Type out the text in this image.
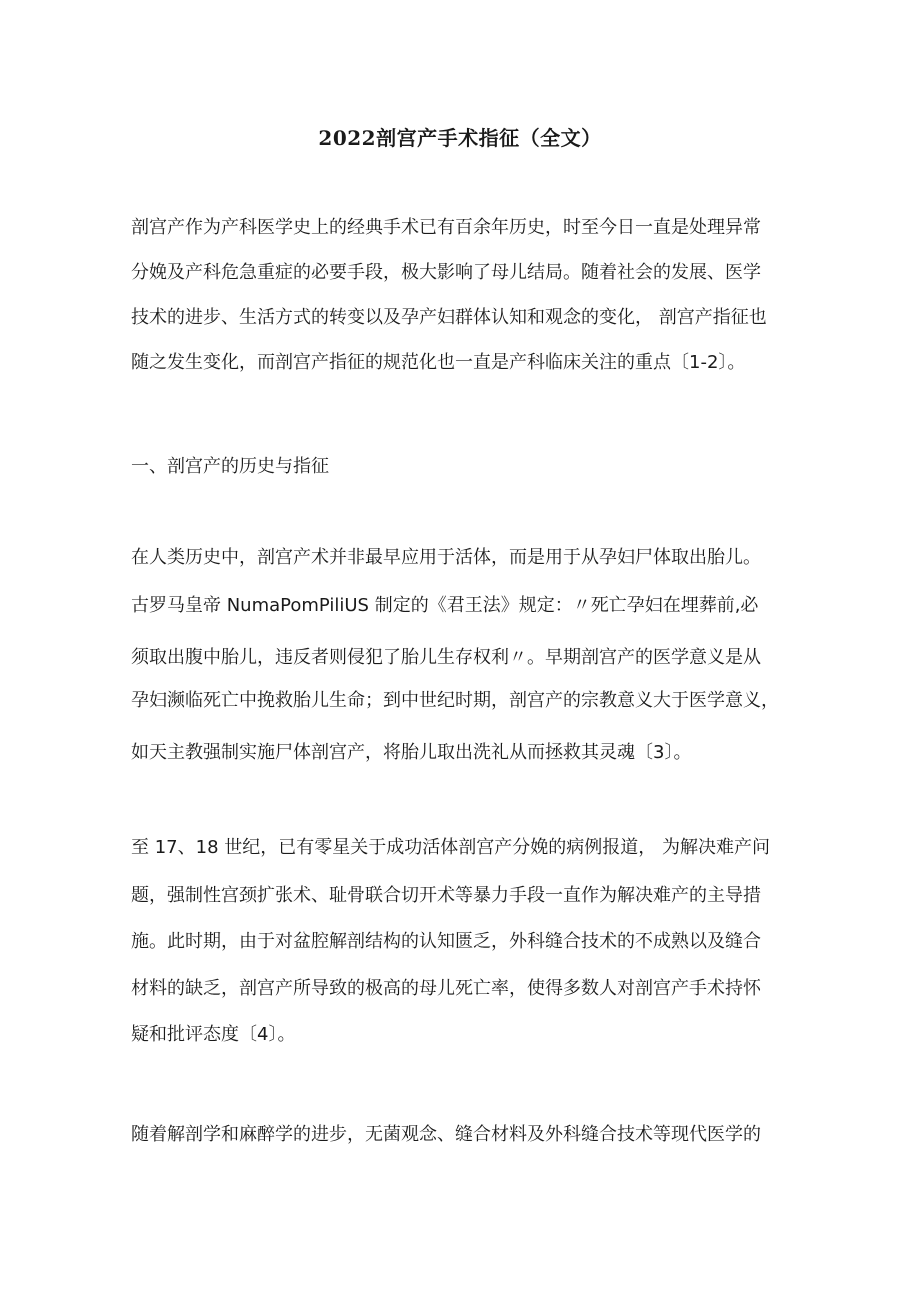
2022剖宫产手术指征（全文）

剖宫产作为产科医学史上的经典手术已有百余年历史，时至今日一直是处理异常

分娩及产科危急重症的必要手段，极大影响了母儿结局。随着社会的发展、医学

技术的进步、生活方式的转变以及孕产妇群体认知和观念的变化， 剖宫产指征也

随之发生变化，而剖宫产指征的规范化也一直是产科临床关注的重点〔1-2〕。

一、剖宫产的历史与指征

在人类历史中，剖宫产术并非最早应用于活体，而是用于从孕妇尸体取出胎儿。

古罗马皇帝 NumaPomPiliUS 制定的《君王法》规定：〃死亡孕妇在埋葬前,必

须取出腹中胎儿，违反者则侵犯了胎儿生存权利〃。早期剖宫产的医学意义是从

孕妇濒临死亡中挽救胎儿生命；到中世纪时期，剖宫产的宗教意义大于医学意义，

如天主教强制实施尸体剖宫产，将胎儿取出洗礼从而拯救其灵魂〔3〕。

至 17、18 世纪，已有零星关于成功活体剖宫产分娩的病例报道， 为解决难产问

题，强制性宫颈扩张术、耻骨联合切开术等暴力手段一直作为解决难产的主导措

施。此时期，由于对盆腔解剖结构的认知匮乏，外科缝合技术的不成熟以及缝合

材料的缺乏，剖宫产所导致的极高的母儿死亡率，使得多数人对剖宫产手术持怀

疑和批评态度〔4〕。

随着解剖学和麻醉学的进步，无菌观念、缝合材料及外科缝合技术等现代医学的
